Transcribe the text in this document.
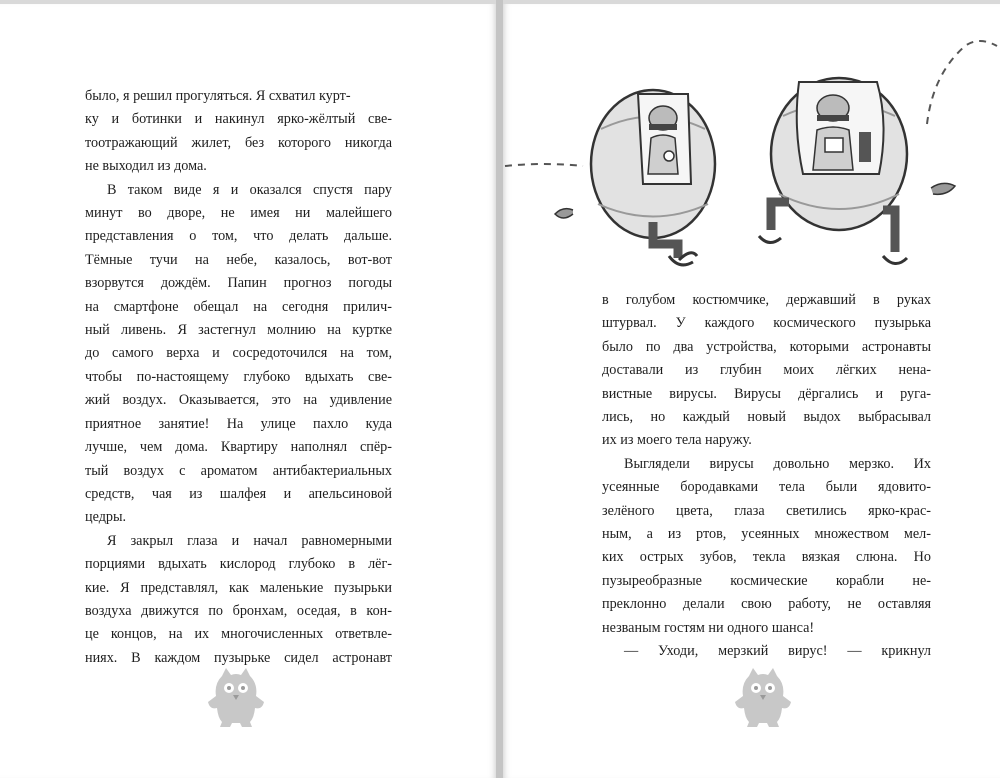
было, я решил прогуляться. Я схватил курт-
ку и ботинки и накинул ярко-жёлтый све-
тоотражающий жилет, без которого никогда
не выходил из дома.
В таком виде я и оказался спустя пару
минут во дворе, не имея ни малейшего
представления о том, что делать дальше.
Тёмные тучи на небе, казалось, вот-вот
взорвутся дождём. Папин прогноз погоды
на смартфоне обещал на сегодня прилич-
ный ливень. Я застегнул молнию на куртке
до самого верха и сосредоточился на том,
чтобы по-настоящему глубоко вдыхать све-
жий воздух. Оказывается, это на удивление
приятное занятие! На улице пахло куда
лучше, чем дома. Квартиру наполнял спёр-
тый воздух с ароматом антибактериальных
средств, чая из шалфея и апельсиновой
цедры.
Я закрыл глаза и начал равномерными
порциями вдыхать кислород глубоко в лёг-
кие. Я представлял, как маленькие пузырьки
воздуха движутся по бронхам, оседая, в кон-
це концов, на их многочисленных ответвле-
ниях. В каждом пузырьке сидел астронавт
в голубом костюмчике, державший в руках
штурвал. У каждого космического пузырька
было по два устройства, которыми астронавты
доставали из глубин моих лёгких нена-
вистные вирусы. Вирусы дёргались и руга-
лись, но каждый новый выдох выбрасывал
их из моего тела наружу.
Выглядели вирусы довольно мерзко. Их
усеянные бородавками тела были ядовито-
зелёного цвета, глаза светились ярко-крас-
ным, а из ртов, усеянных множеством мел-
ких острых зубов, текла вязкая слюна. Но
пузыреобразные космические корабли не-
преклонно делали свою работу, не оставляя
незваным гостям ни одного шанса!
— Уходи, мерзкий вирус! — крикнул
